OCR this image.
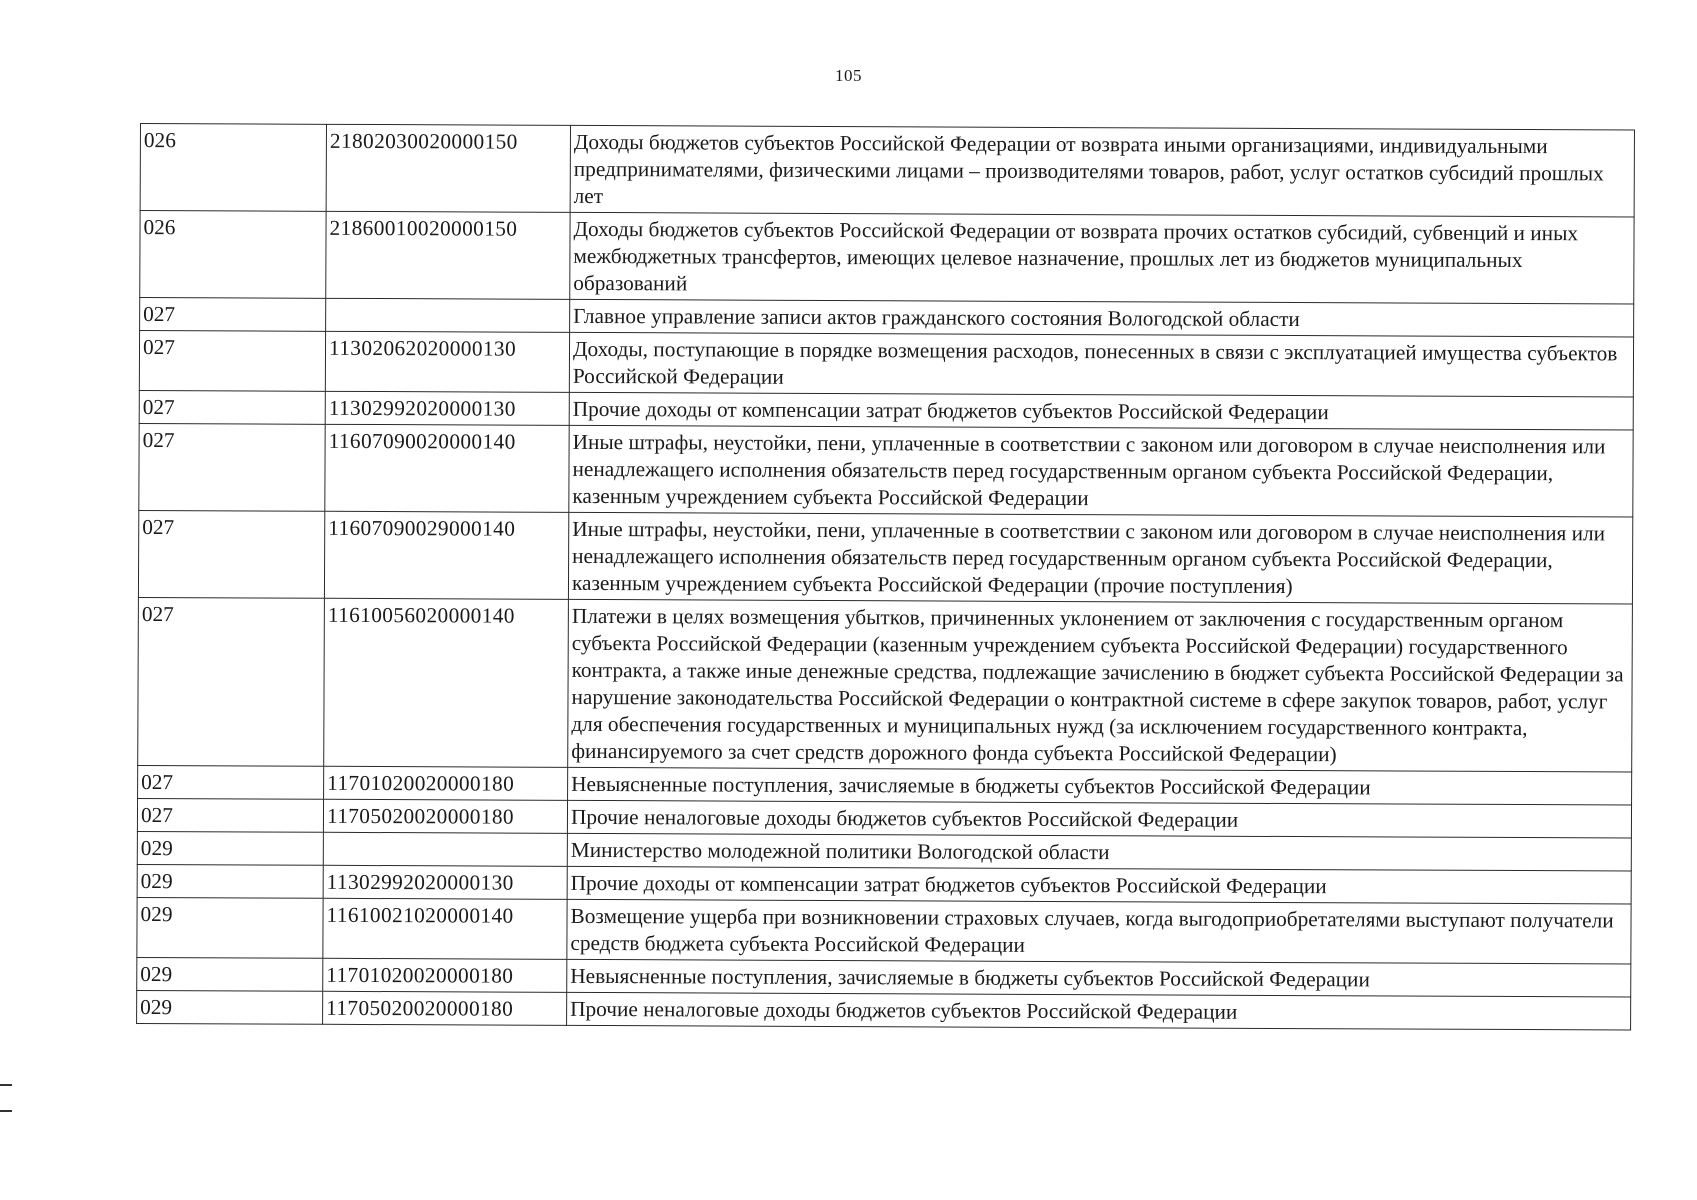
105
026	21802030020000150	Доходы бюджетов субъектов Российской Федерации от возврата иными организациями, индивидуальными предпринимателями, физическими лицами – производителями товаров, работ, услуг остатков субсидий прошлых лет
026	21860010020000150	Доходы бюджетов субъектов Российской Федерации от возврата прочих остатков субсидий, субвенций и иных межбюджетных трансфертов, имеющих целевое назначение, прошлых лет из бюджетов муниципальных образований
027		Главное управление записи актов гражданского состояния Вологодской области
027	11302062020000130	Доходы, поступающие в порядке возмещения расходов, понесенных в связи с эксплуатацией имущества субъектов Российской Федерации
027	11302992020000130	Прочие доходы от компенсации затрат бюджетов субъектов Российской Федерации
027	11607090020000140	Иные штрафы, неустойки, пени, уплаченные в соответствии с законом или договором в случае неисполнения или ненадлежащего исполнения обязательств перед государственным органом субъекта Российской Федерации, казенным учреждением субъекта Российской Федерации
027	11607090029000140	Иные штрафы, неустойки, пени, уплаченные в соответствии с законом или договором в случае неисполнения или ненадлежащего исполнения обязательств перед государственным органом субъекта Российской Федерации, казенным учреждением субъекта Российской Федерации (прочие поступления)
027	11610056020000140	Платежи в целях возмещения убытков, причиненных уклонением от заключения с государственным органом субъекта Российской Федерации (казенным учреждением субъекта Российской Федерации) государственного контракта, а также иные денежные средства, подлежащие зачислению в бюджет субъекта Российской Федерации за нарушение законодательства Российской Федерации о контрактной системе в сфере закупок товаров, работ, услуг для обеспечения государственных и муниципальных нужд (за исключением государственного контракта, финансируемого за счет средств дорожного фонда субъекта Российской Федерации)
027	11701020020000180	Невыясненные поступления, зачисляемые в бюджеты субъектов Российской Федерации
027	11705020020000180	Прочие неналоговые доходы бюджетов субъектов Российской Федерации
029		Министерство молодежной политики Вологодской области
029	11302992020000130	Прочие доходы от компенсации затрат бюджетов субъектов Российской Федерации
029	11610021020000140	Возмещение ущерба при возникновении страховых случаев, когда выгодоприобретателями выступают получатели средств бюджета субъекта Российской Федерации
029	11701020020000180	Невыясненные поступления, зачисляемые в бюджеты субъектов Российской Федерации
029	11705020020000180	Прочие неналоговые доходы бюджетов субъектов Российской Федерации
